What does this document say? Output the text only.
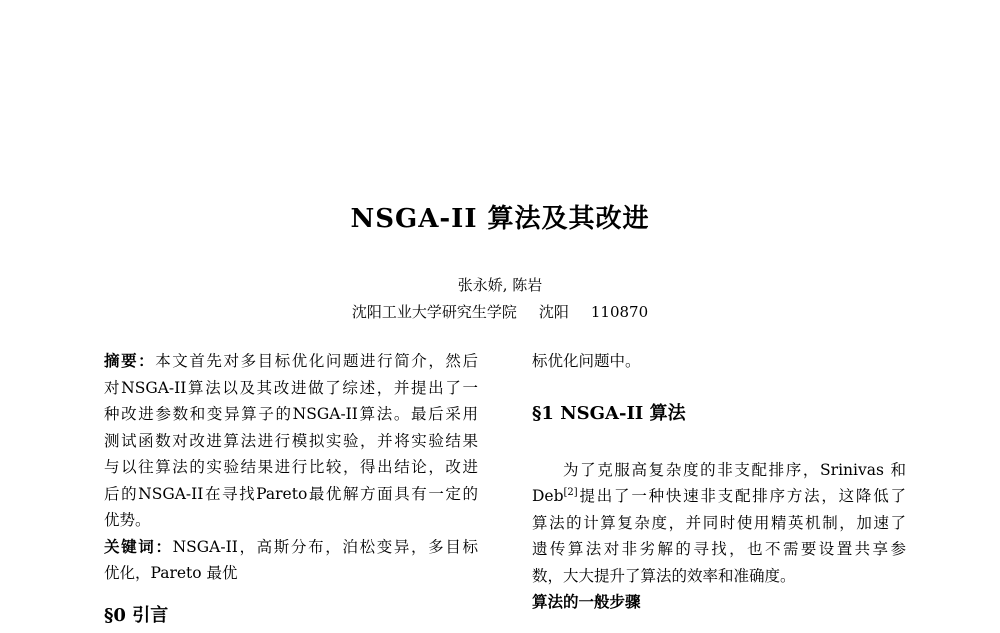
NSGA-II 算法及其改进
张永娇, 陈岩
沈阳工业大学研究生学院 沈阳 110870
摘要：本文首先对多目标优化问题进行简介，然后
对NSGA-II算法以及其改进做了综述，并提出了一
种改进参数和变异算子的NSGA-II算法。最后采用
测试函数对改进算法进行模拟实验，并将实验结果
与以往算法的实验结果进行比较，得出结论，改进
后的NSGA-II在寻找Pareto最优解方面具有一定的
优势。
关键词：NSGA-II，高斯分布，泊松变异，多目标
优化，Pareto 最优
§0 引言
标优化问题中。
§1 NSGA-II 算法
为了克服高复杂度的非支配排序，Srinivas 和
Deb[2]提出了一种快速非支配排序方法，这降低了
算法的计算复杂度，并同时使用精英机制，加速了
遗传算法对非劣解的寻找，也不需要设置共享参
数，大大提升了算法的效率和准确度。
算法的一般步骤
